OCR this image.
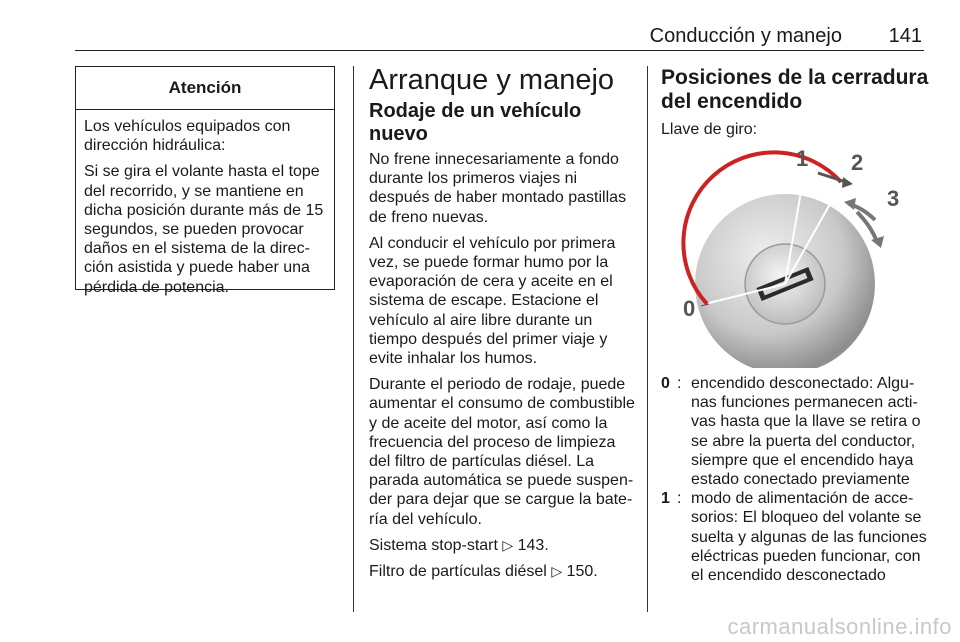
Conducción y manejo 141
Atención

Los vehículos equipados con dirección hidráulica:

Si se gira el volante hasta el tope del recorrido, y se mantiene en dicha posición durante más de 15 segundos, se pueden provocar daños en el sistema de la direc-ción asistida y puede haber una pérdida de potencia.

Arranque y manejo
Rodaje de un vehículo nuevo

No frene innecesariamente a fondo durante los primeros viajes ni después de haber montado pastillas de freno nuevas.

Al conducir el vehículo por primera vez, se puede formar humo por la evaporación de cera y aceite en el sistema de escape. Estacione el vehículo al aire libre durante un tiempo después del primer viaje y evite inhalar los humos.

Durante el periodo de rodaje, puede aumentar el consumo de combustible y de aceite del motor, así como la frecuencia del proceso de limpieza del filtro de partículas diésel. La parada automática se puede suspen-der para dejar que se cargue la bate-ría del vehículo.

Sistema stop-start ▷ 143.

Filtro de partículas diésel ▷ 150.

Posiciones de la cerradura del encendido

Llave de giro:

0
1 2
3
0 : encendido desconectado: Algu-nas funciones permanecen acti-vas hasta que la llave se retira o se abre la puerta del conductor, siempre que el encendido haya estado conectado previamente
1 : modo de alimentación de acce-sorios: El bloqueo del volante se suelta y algunas de las funciones eléctricas pueden funcionar, con el encendido desconectado
carmanualsonline.info
